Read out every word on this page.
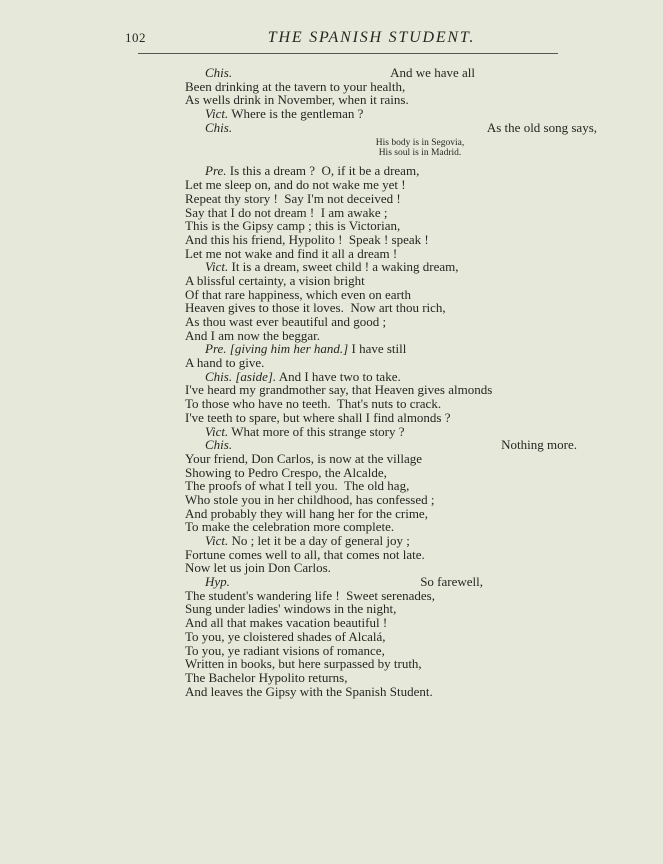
102	THE SPANISH STUDENT.
Chis.	And we have all
Been drinking at the tavern to your health,
As wells drink in November, when it rains.
Vict. Where is the gentleman ?
Chis.	As the old song says,
His body is in Segovia,
His soul is in Madrid.
Pre. Is this a dream ?  O, if it be a dream,
Let me sleep on, and do not wake me yet !
Repeat thy story !  Say I'm not deceived !
Say that I do not dream !  I am awake ;
This is the Gipsy camp ; this is Victorian,
And this his friend, Hypolito !  Speak ! speak !
Let me not wake and find it all a dream !
Vict. It is a dream, sweet child ! a waking dream,
A blissful certainty, a vision bright
Of that rare happiness, which even on earth
Heaven gives to those it loves.  Now art thou rich,
As thou wast ever beautiful and good ;
And I am now the beggar.
Pre. [giving him her hand.] I have still
A hand to give.
Chis. [aside]. And I have two to take.
I've heard my grandmother say, that Heaven gives almonds
To those who have no teeth.  That's nuts to crack.
I've teeth to spare, but where shall I find almonds ?
Vict. What more of this strange story ?
Chis.	Nothing more.
Your friend, Don Carlos, is now at the village
Showing to Pedro Crespo, the Alcalde,
The proofs of what I tell you.  The old hag,
Who stole you in her childhood, has confessed ;
And probably they will hang her for the crime,
To make the celebration more complete.
Vict. No ; let it be a day of general joy ;
Fortune comes well to all, that comes not late.
Now let us join Don Carlos.
Hyp.	So farewell,
The student's wandering life !  Sweet serenades,
Sung under ladies' windows in the night,
And all that makes vacation beautiful !
To you, ye cloistered shades of Alcalá,
To you, ye radiant visions of romance,
Written in books, but here surpassed by truth,
The Bachelor Hypolito returns,
And leaves the Gipsy with the Spanish Student.
